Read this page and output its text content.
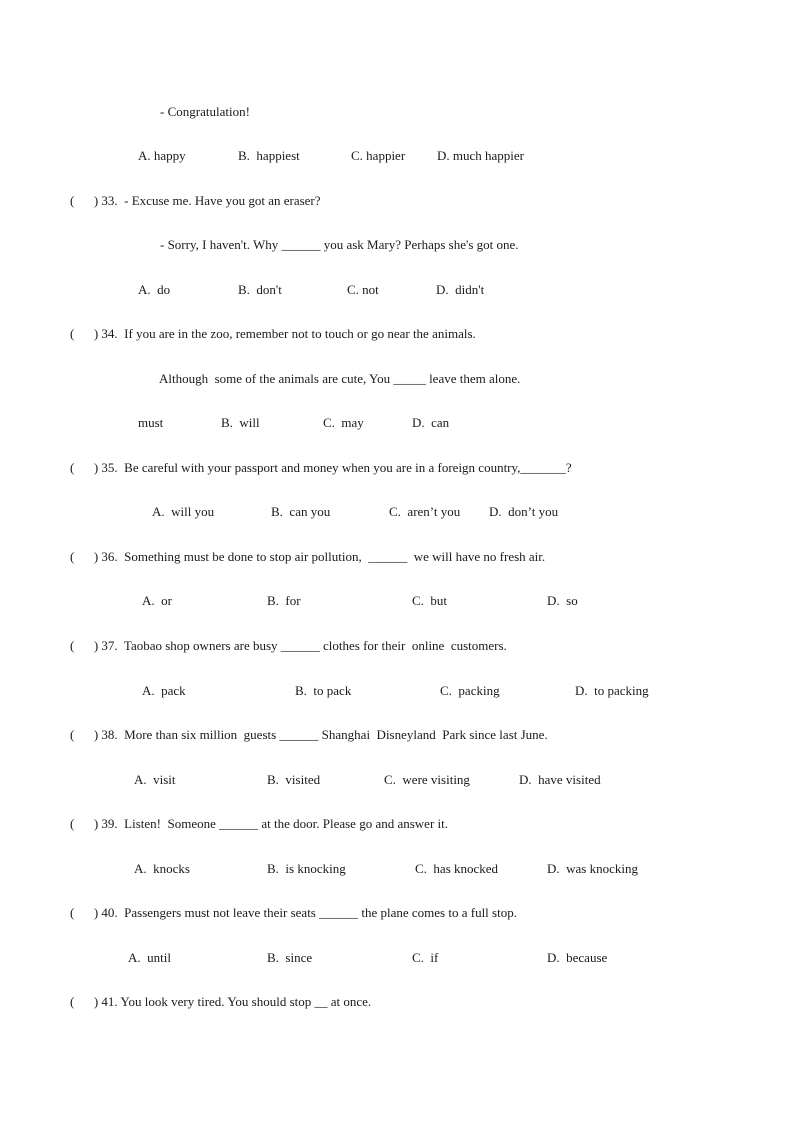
- Congratulation!
A. happy	B.  happiest	C. happier D. much happier
(      ) 33.  - Excuse me. Have you got an eraser?
- Sorry, I haven't. Why ______ you ask Mary? Perhaps she's got one.
A.  do	B.  don't	C. not	D.  didn't
(      ) 34.  If you are in the zoo, remember not to touch or go near the animals.
Although  some of the animals are cute, You _____ leave them alone.
must	B.  will	C.  may	D.  can
(      ) 35.  Be careful with your passport and money when you are in a foreign country,_______?
A.  will you	B.  can you	C.  aren’t you D.  don’t you
(      ) 36.  Something must be done to stop air pollution,  ______  we will have no fresh air.
A.  or	B.  for	C.  but	D.  so
(      ) 37.  Taobao shop owners are busy ______ clothes for their  online  customers.
A.  pack	B.  to pack	C.  packing	D.  to packing
(      ) 38.  More than six million  guests ______ Shanghai  Disneyland  Park since last June.
A.  visit	B.  visited	C.  were visiting	D.  have visited
(      ) 39.  Listen!  Someone ______ at the door. Please go and answer it.
A.  knocks	B.  is knocking	C.  has knocked	D.  was knocking
(      ) 40.  Passengers must not leave their seats ______ the plane comes to a full stop.
A.  until	B.  since	C.  if	D.  because
(      ) 41. You look very tired. You should stop __ at once.
